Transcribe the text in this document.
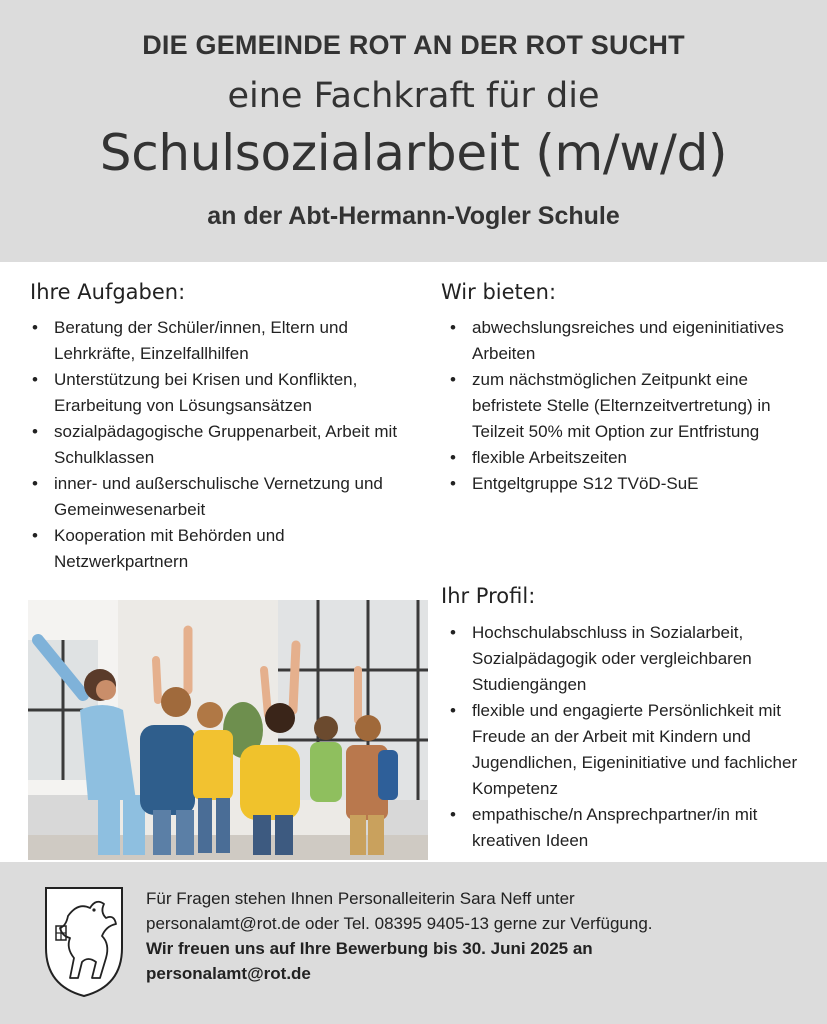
DIE GEMEINDE ROT AN DER ROT SUCHT
eine Fachkraft für die
Schulsozialarbeit (m/w/d)
an der Abt-Hermann-Vogler Schule
Ihre Aufgaben:
• Beratung der Schüler/innen, Eltern und Lehrkräfte, Einzelfallhilfen
• Unterstützung bei Krisen und Konflikten, Erarbeitung von Lösungsansätzen
• sozialpädagogische Gruppenarbeit, Arbeit mit Schulklassen
• inner- und außerschulische Vernetzung und Gemeinwesenarbeit
• Kooperation mit Behörden und Netzwerkpartnern
Wir bieten:
• abwechslungsreiches und eigeninitiatives Arbeiten
• zum nächstmöglichen Zeitpunkt eine befristete Stelle (Elternzeitvertretung) in Teilzeit 50% mit Option zur Entfristung
• flexible Arbeitszeiten
• Entgeltgruppe S12 TVöD-SuE
Ihr Profil:
• Hochschulabschluss in Sozialarbeit, Sozialpädagogik oder vergleichbaren Studiengängen
• flexible und engagierte Persönlichkeit mit Freude an der Arbeit mit Kindern und Jugendlichen, Eigeninitiative und fachlicher Kompetenz
• empathische/n Ansprechpartner/in mit kreativen Ideen
Für Fragen stehen Ihnen Personalleiterin Sara Neff unter
personalamt@rot.de oder Tel. 08395 9405-13 gerne zur Verfügung.
Wir freuen uns auf Ihre Bewerbung bis 30. Juni 2025 an
personalamt@rot.de
